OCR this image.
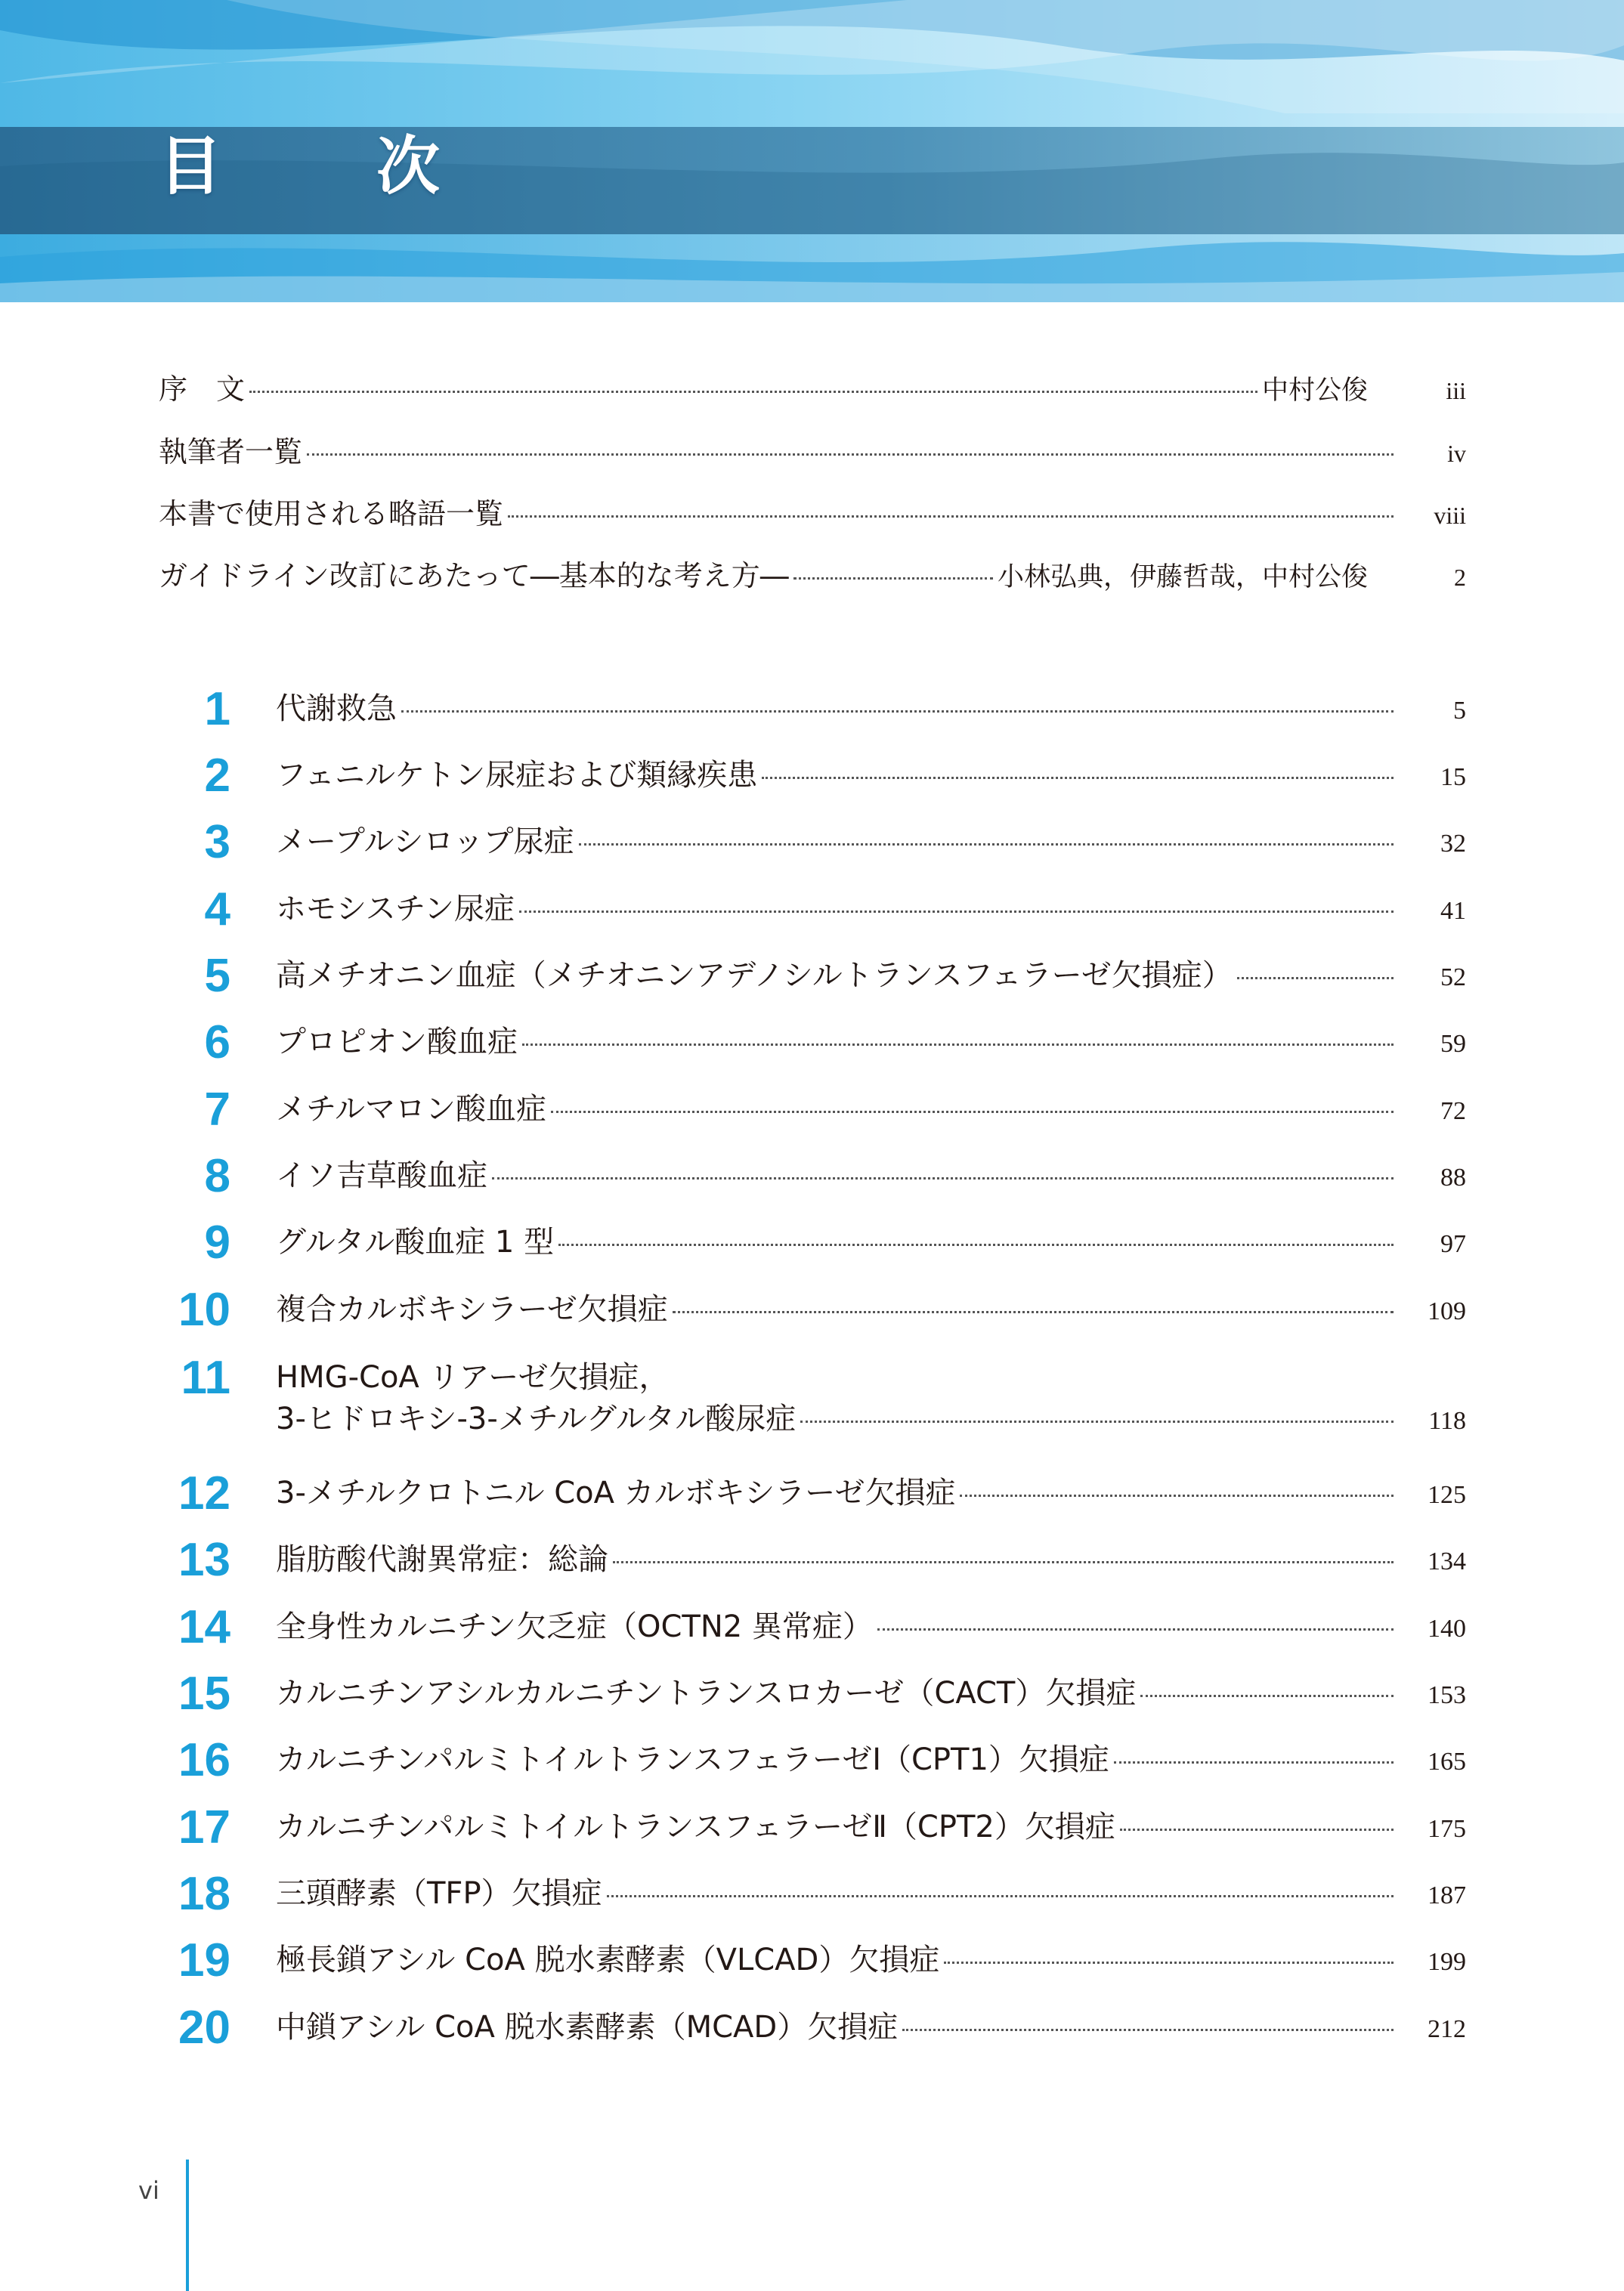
目　次
序　文	中村公俊	iii
執筆者一覧	iv
本書で使用される略語一覧	viii
ガイドライン改訂にあたって―基本的な考え方―	小林弘典，伊藤哲哉，中村公俊	2
1 代謝救急	5
2 フェニルケトン尿症および類縁疾患	15
3 メープルシロップ尿症	32
4 ホモシスチン尿症	41
5 高メチオニン血症（メチオニンアデノシルトランスフェラーゼ欠損症）	52
6 プロピオン酸血症	59
7 メチルマロン酸血症	72
8 イソ吉草酸血症	88
9 グルタル酸血症 1 型	97
10 複合カルボキシラーゼ欠損症	109
11 HMG-CoA リアーゼ欠損症，
3-ヒドロキシ-3-メチルグルタル酸尿症	118
12 3-メチルクロトニル CoA カルボキシラーゼ欠損症	125
13 脂肪酸代謝異常症：総論	134
14 全身性カルニチン欠乏症（OCTN2 異常症）	140
15 カルニチンアシルカルニチントランスロカーゼ（CACT）欠損症	153
16 カルニチンパルミトイルトランスフェラーゼⅠ（CPT1）欠損症	165
17 カルニチンパルミトイルトランスフェラーゼⅡ（CPT2）欠損症	175
18 三頭酵素（TFP）欠損症	187
19 極長鎖アシル CoA 脱水素酵素（VLCAD）欠損症	199
20 中鎖アシル CoA 脱水素酵素（MCAD）欠損症	212
vi
